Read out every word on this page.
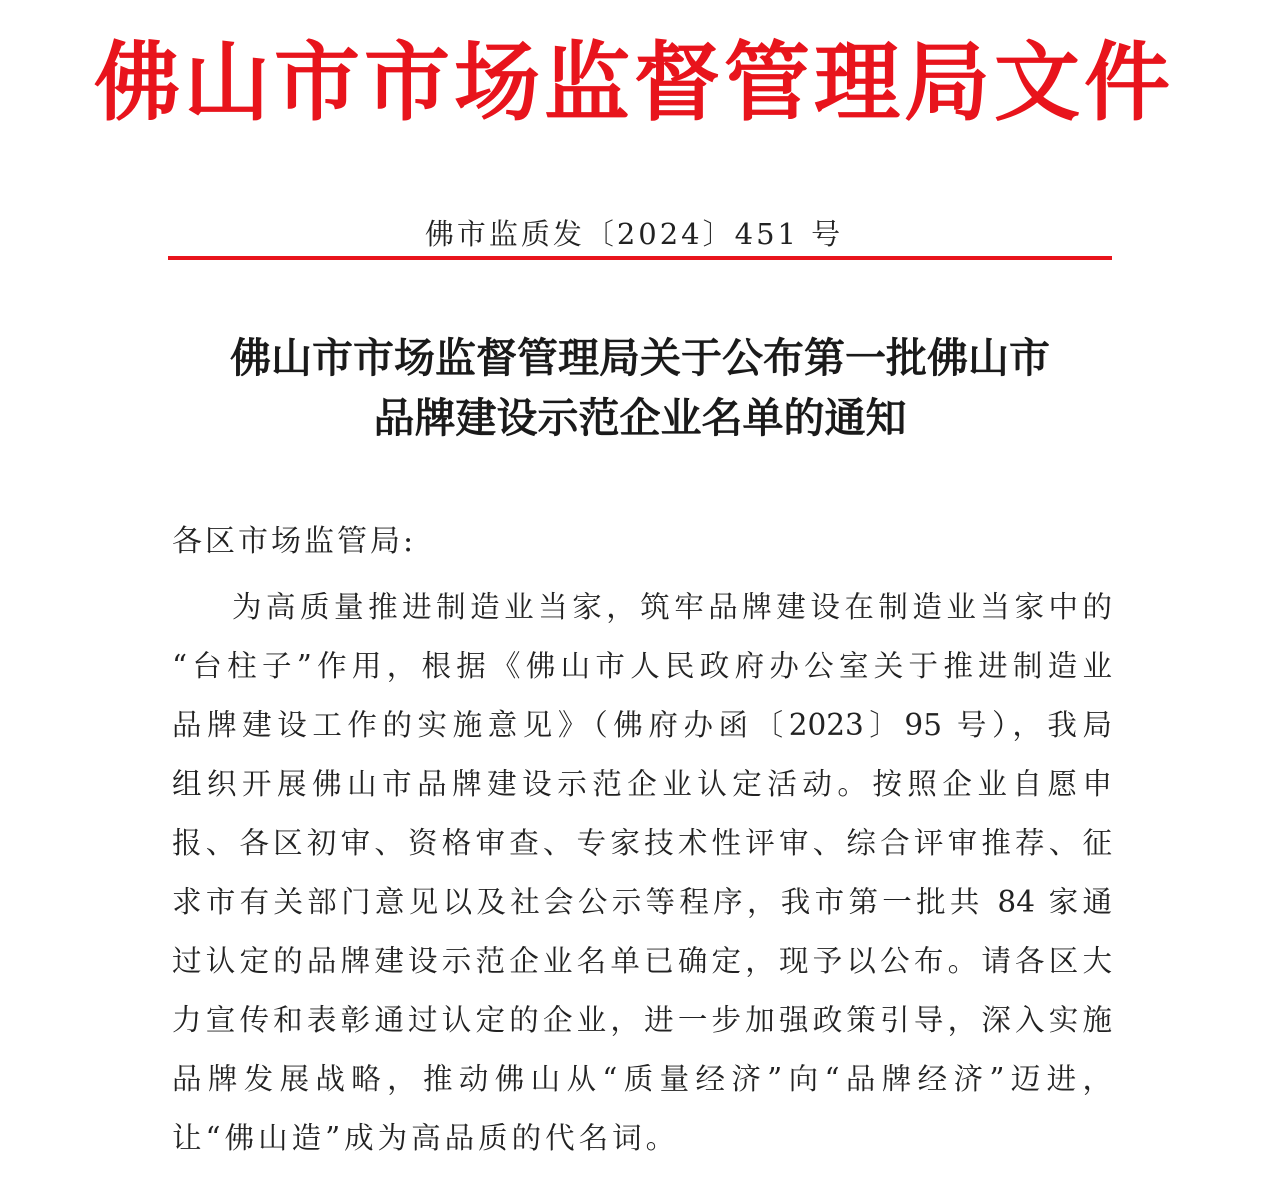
佛山市市场监督管理局文件
佛市监质发〔2024〕451 号
佛山市市场监督管理局关于公布第一批佛山市
品牌建设示范企业名单的通知
各区市场监管局:
为高质量推进制造业当家，筑牢品牌建设在制造业当家中的
“台柱子”作用，根据《佛山市人民政府办公室关于推进制造业
品牌建设工作的实施意见》（佛府办函〔2023〕95 号），我局
组织开展佛山市品牌建设示范企业认定活动。按照企业自愿申
报、各区初审、资格审查、专家技术性评审、综合评审推荐、征
求市有关部门意见以及社会公示等程序，我市第一批共 84 家通
过认定的品牌建设示范企业名单已确定，现予以公布。请各区大
力宣传和表彰通过认定的企业，进一步加强政策引导，深入实施
品牌发展战略，推动佛山从“质量经济”向“品牌经济”迈进，
让“佛山造”成为高品质的代名词。
